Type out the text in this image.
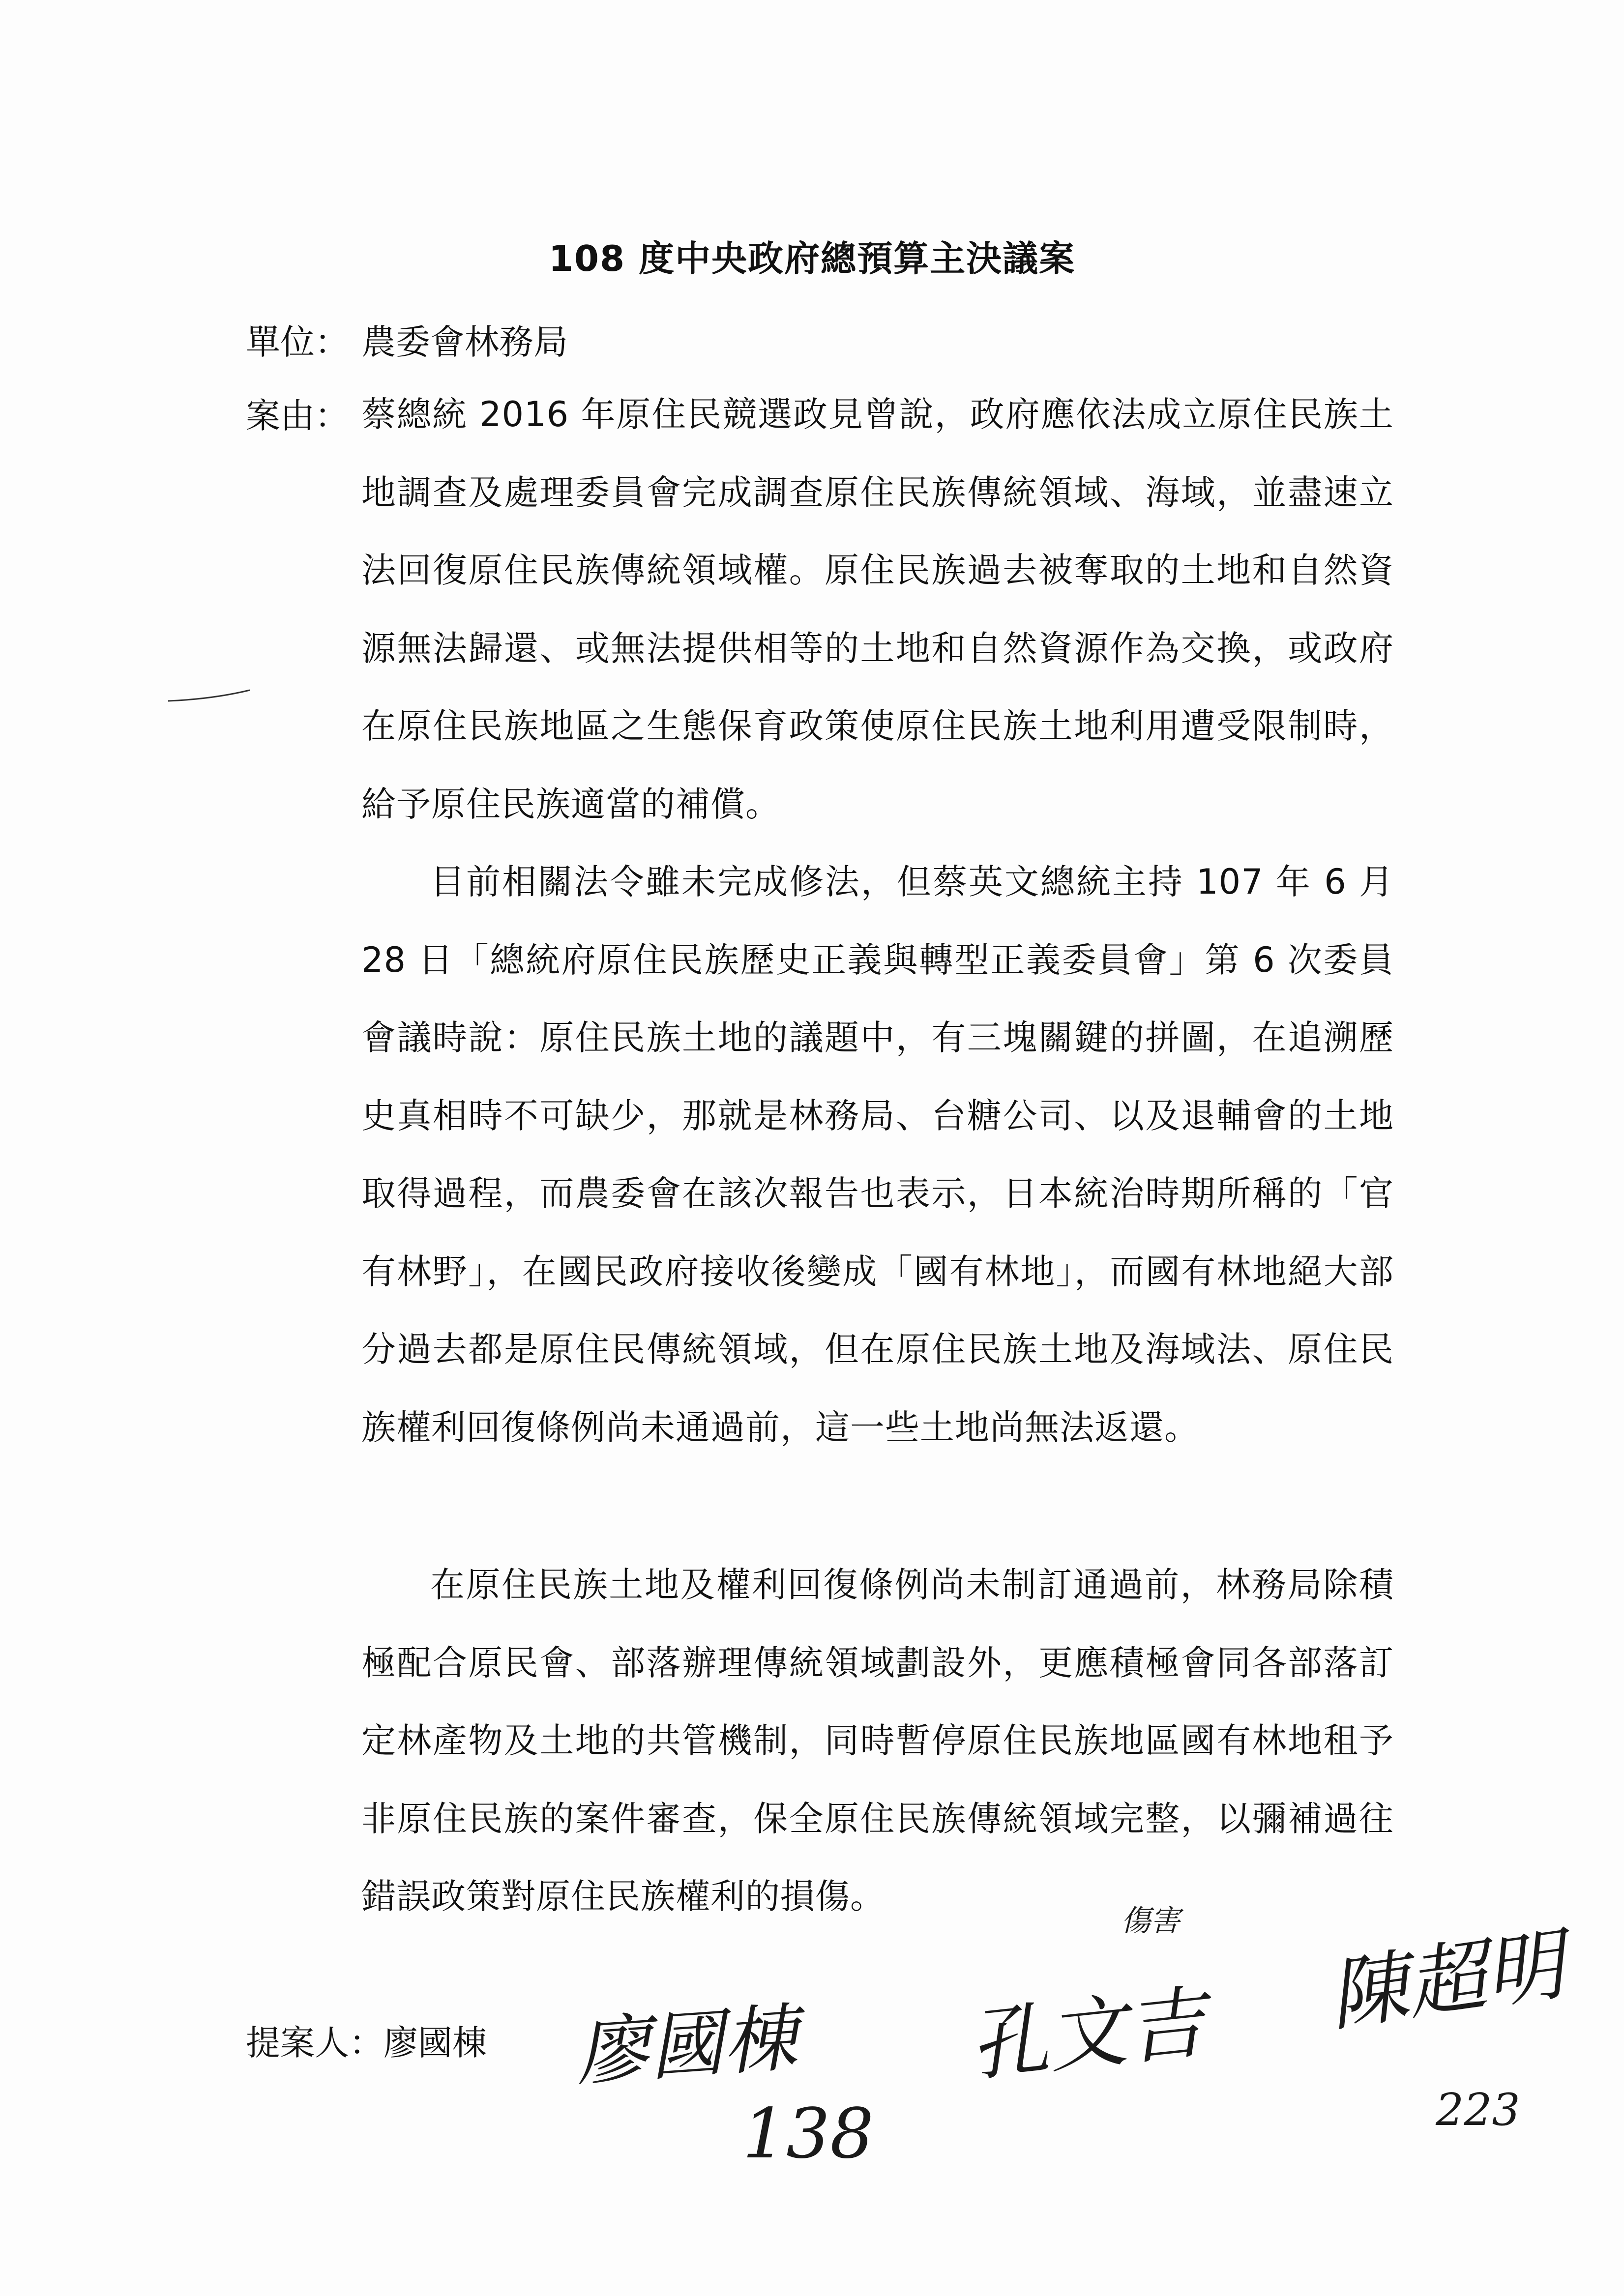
108 度中央政府總預算主決議案
單位： 農委會林務局
案由： 蔡總統 2016 年原住民競選政見曾說，政府應依法成立原住民族土地調查及處理委員會完成調查原住民族傳統領域、海域，並盡速立法回復原住民族傳統領域權。原住民族過去被奪取的土地和自然資源無法歸還、或無法提供相等的土地和自然資源作為交換，或政府在原住民族地區之生態保育政策使原住民族土地利用遭受限制時，給予原住民族適當的補償。
目前相關法令雖未完成修法，但蔡英文總統主持 107 年 6 月 28 日「總統府原住民族歷史正義與轉型正義委員會」第 6 次委員會議時說：原住民族土地的議題中，有三塊關鍵的拼圖，在追溯歷史真相時不可缺少，那就是林務局、台糖公司、以及退輔會的土地取得過程，而農委會在該次報告也表示，日本統治時期所稱的「官有林野」，在國民政府接收後變成「國有林地」，而國有林地絕大部分過去都是原住民傳統領域，但在原住民族土地及海域法、原住民族權利回復條例尚未通過前，這一些土地尚無法返還。
在原住民族土地及權利回復條例尚未制訂通過前，林務局除積極配合原民會、部落辦理傳統領域劃設外，更應積極會同各部落訂定林產物及土地的共管機制，同時暫停原住民族地區國有林地租予非原住民族的案件審查，保全原住民族傳統領域完整，以彌補過往錯誤政策對原住民族權利的損傷。
提案人：廖國棟 廖國棟
138
孔文吉
傷害 陳超明
223
